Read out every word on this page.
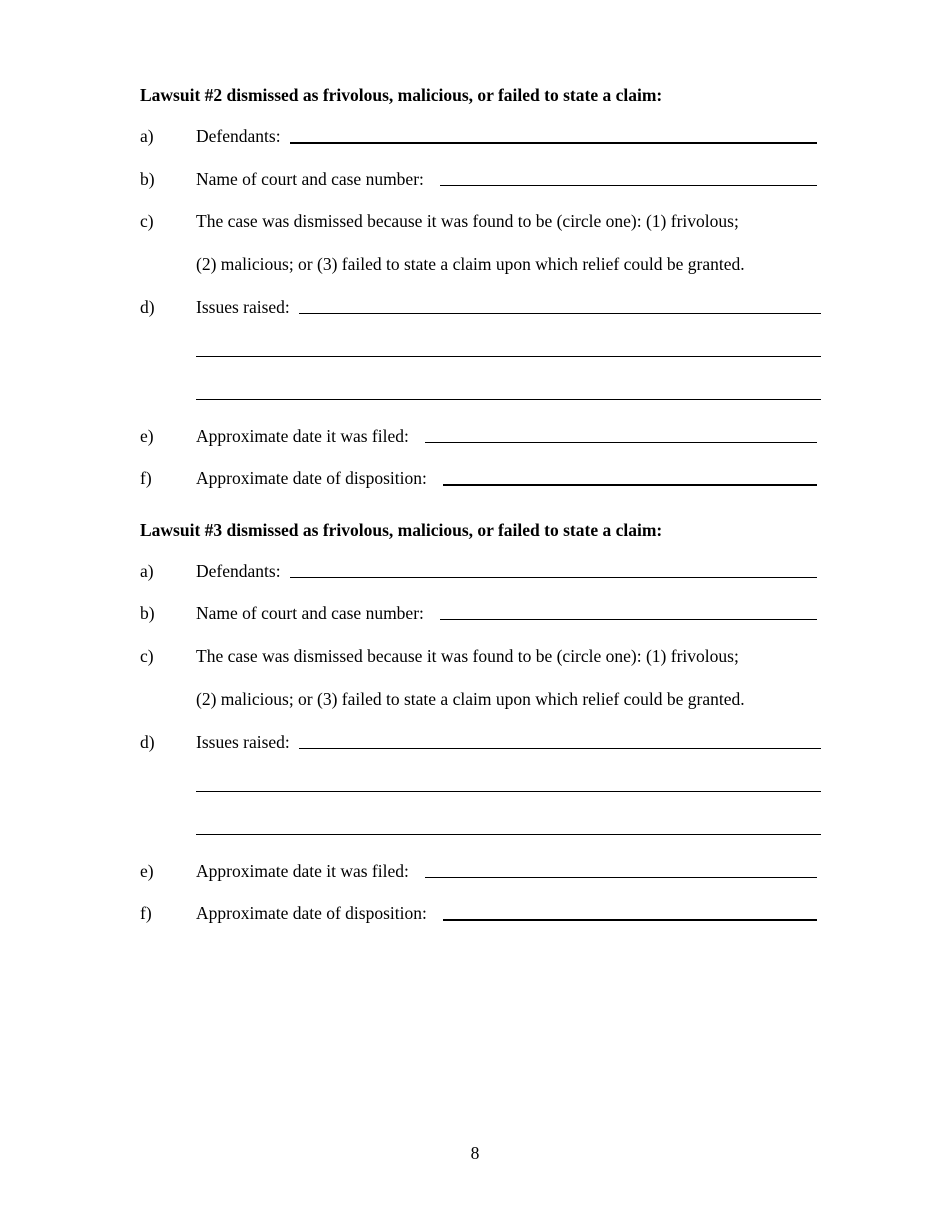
Lawsuit #2 dismissed as frivolous, malicious, or failed to state a claim:
a) Defendants:
b) Name of court and case number:
c) The case was dismissed because it was found to be (circle one): (1) frivolous;
(2) malicious; or (3) failed to state a claim upon which relief could be granted.
d) Issues raised:
e) Approximate date it was filed:
f)	Approximate date of disposition:
Lawsuit #3 dismissed as frivolous, malicious, or failed to state a claim:
a) Defendants:
b) Name of court and case number:
c) The case was dismissed because it was found to be (circle one): (1) frivolous;
(2) malicious; or (3) failed to state a claim upon which relief could be granted.
d) Issues raised:
e) Approximate date it was filed:
f)	Approximate date of disposition:
8
